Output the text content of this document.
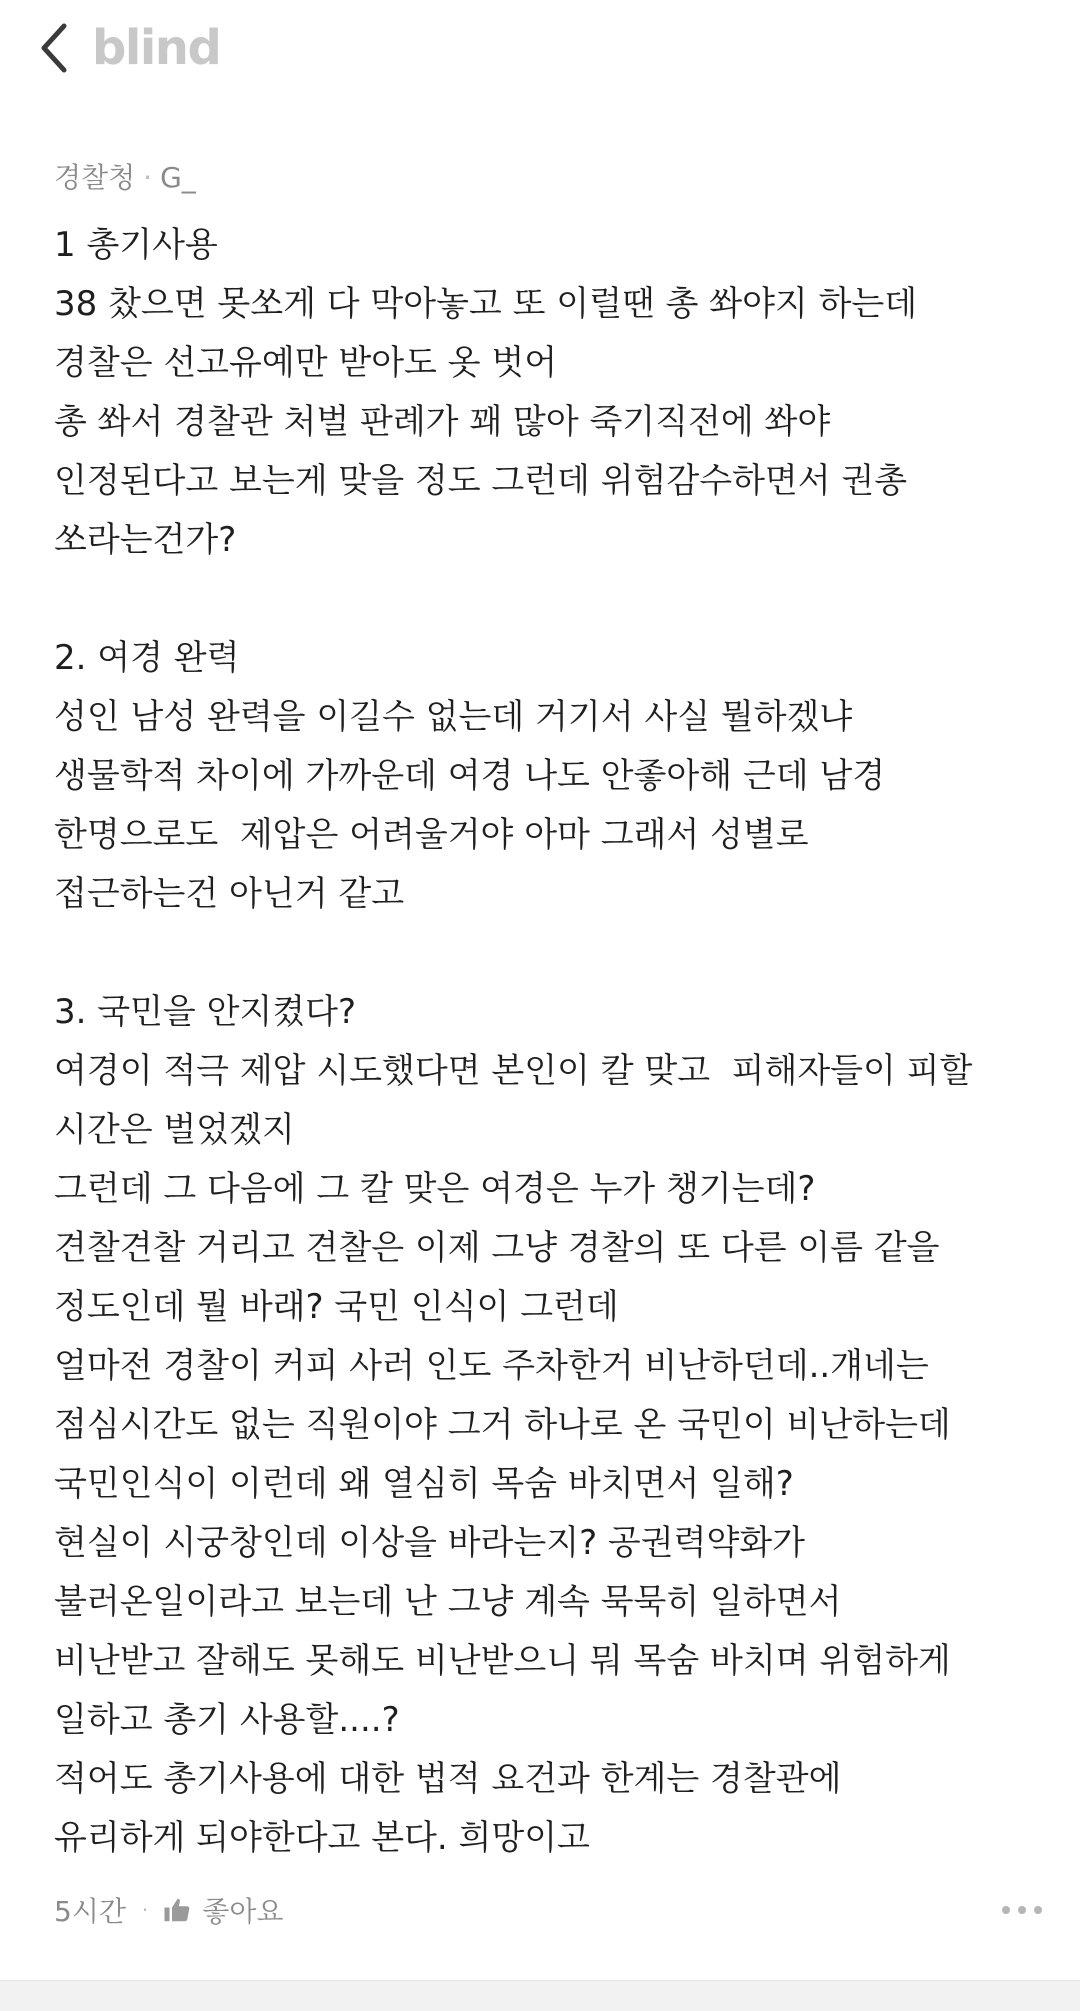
blind
경찰청 · G_
1 총기사용
38 찼으면 못쏘게 다 막아놓고 또 이럴땐 총 쏴야지 하는데
경찰은 선고유예만 받아도 옷 벗어
총 쏴서 경찰관 처벌 판례가 꽤 많아 죽기직전에 쏴야
인정된다고 보는게 맞을 정도 그런데 위험감수하면서 권총
쏘라는건가?
2. 여경 완력
성인 남성 완력을 이길수 없는데 거기서 사실 뭘하겠냐
생물학적 차이에 가까운데 여경 나도 안좋아해 근데 남경
한명으로도  제압은 어려울거야 아마 그래서 성별로
접근하는건 아닌거 같고
3. 국민을 안지켰다?
여경이 적극 제압 시도했다면 본인이 칼 맞고  피해자들이 피할
시간은 벌었겠지
그런데 그 다음에 그 칼 맞은 여경은 누가 챙기는데?
견찰견찰 거리고 견찰은 이제 그냥 경찰의 또 다른 이름 같을
정도인데 뭘 바래? 국민 인식이 그런데
얼마전 경찰이 커피 사러 인도 주차한거 비난하던데..걔네는
점심시간도 없는 직원이야 그거 하나로 온 국민이 비난하는데
국민인식이 이런데 왜 열심히 목숨 바치면서 일해?
현실이 시궁창인데 이상을 바라는지? 공권력약화가
불러온일이라고 보는데 난 그냥 계속 묵묵히 일하면서
비난받고 잘해도 못해도 비난받으니 뭐 목숨 바치며 위험하게
일하고 총기 사용할....?
적어도 총기사용에 대한 법적 요건과 한계는 경찰관에
유리하게 되야한다고 본다. 희망이고
5시간 · 좋아요
